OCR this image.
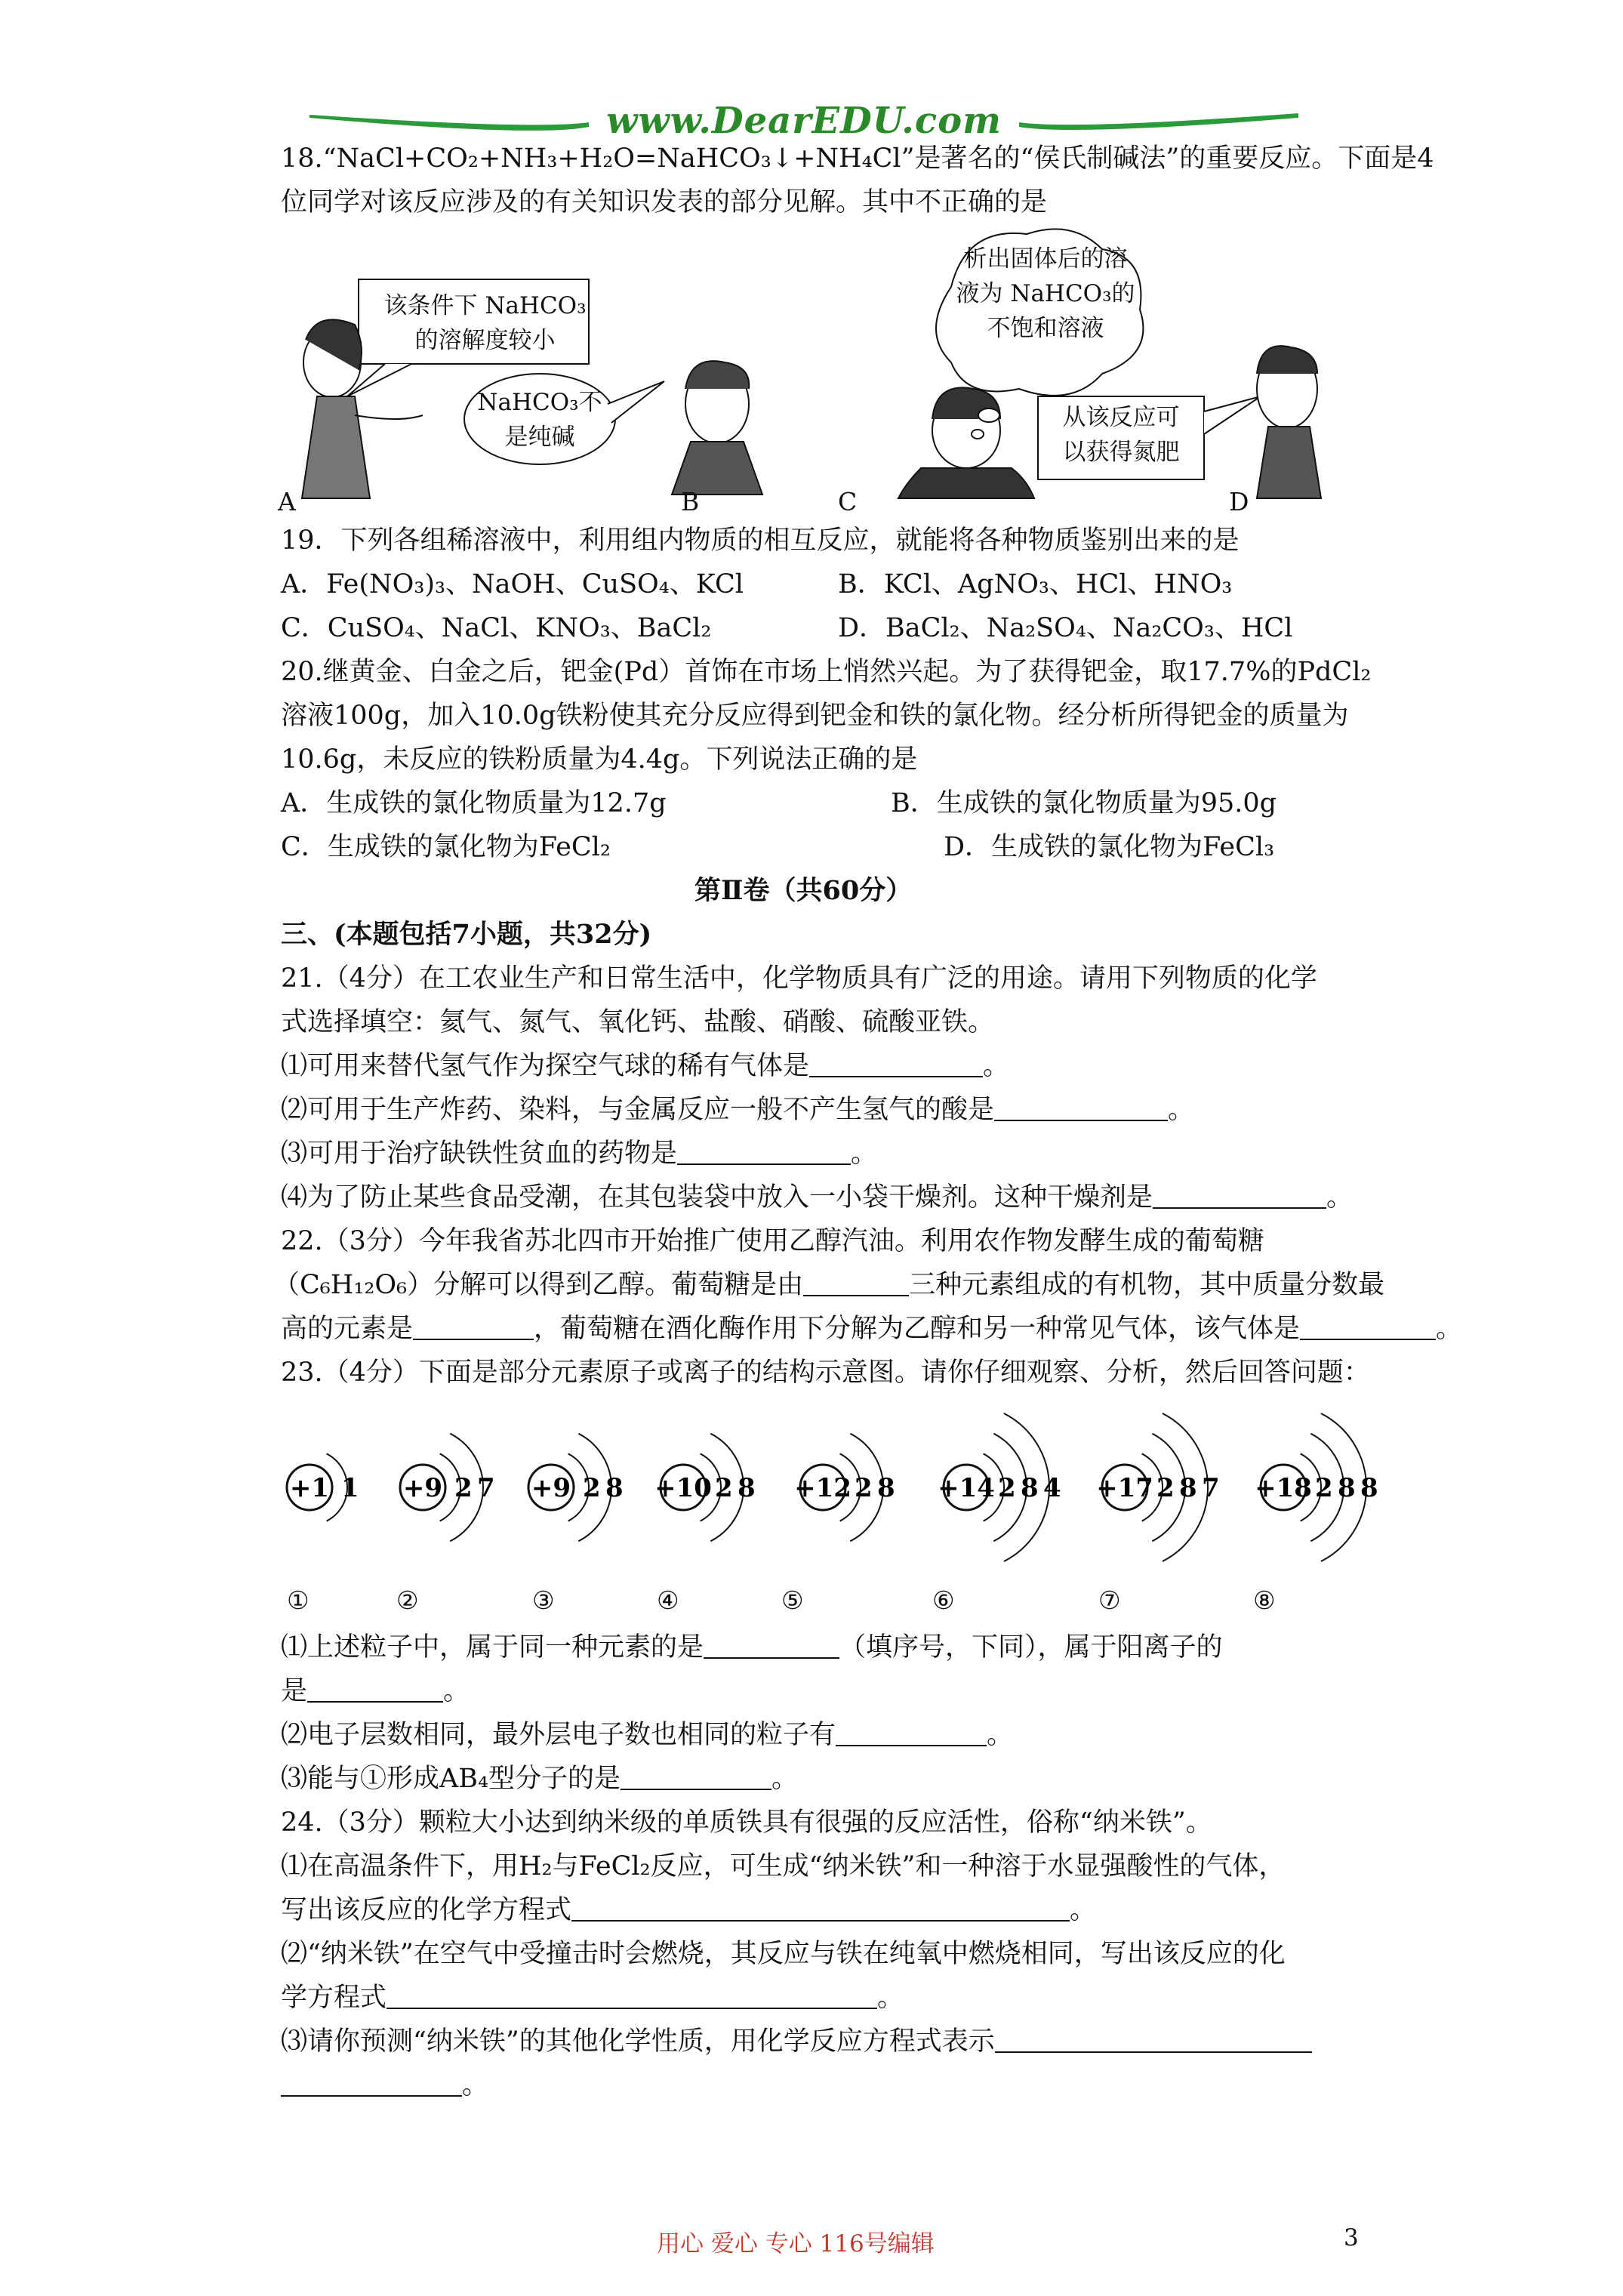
www.DearEDU.com
18.“NaCl+CO₂+NH₃+H₂O=NaHCO₃↓+NH₄Cl”是著名的“侯氏制碱法”的重要反应。下面是4
位同学对该反应涉及的有关知识发表的部分见解。其中不正确的是
该条件下 NaHCO₃
的溶解度较小
NaHCO₃不
是纯碱
析出固体后的溶
液为 NaHCO₃的
不饱和溶液
从该反应可
以获得氮肥
A	B	C	D
19．下列各组稀溶液中，利用组内物质的相互反应，就能将各种物质鉴别出来的是
A．Fe(NO₃)₃、NaOH、CuSO₄、KCl	B．KCl、AgNO₃、HCl、HNO₃
C．CuSO₄、NaCl、KNO₃、BaCl₂	D．BaCl₂、Na₂SO₄、Na₂CO₃、HCl
20.继黄金、白金之后，钯金(Pd）首饰在市场上悄然兴起。为了获得钯金，取17.7%的PdCl₂
溶液100g，加入10.0g铁粉使其充分反应得到钯金和铁的氯化物。经分析所得钯金的质量为
10.6g，未反应的铁粉质量为4.4g。下列说法正确的是
A．生成铁的氯化物质量为12.7g	B．生成铁的氯化物质量为95.0g
C．生成铁的氯化物为FeCl₂	D．生成铁的氯化物为FeCl₃
第Ⅱ卷（共60分）
三、(本题包括7小题，共32分)
21.（4分）在工农业生产和日常生活中，化学物质具有广泛的用途。请用下列物质的化学
式选择填空：氦气、氮气、氧化钙、盐酸、硝酸、硫酸亚铁。
⑴可用来替代氢气作为探空气球的稀有气体是	。
⑵可用于生产炸药、染料，与金属反应一般不产生氢气的酸是	。
⑶可用于治疗缺铁性贫血的药物是	。
⑷为了防止某些食品受潮，在其包装袋中放入一小袋干燥剂。这种干燥剂是	。
22.（3分）今年我省苏北四市开始推广使用乙醇汽油。利用农作物发酵生成的葡萄糖
（C₆H₁₂O₆）分解可以得到乙醇。葡萄糖是由	三种元素组成的有机物，其中质量分数最
高的元素是	，葡萄糖在酒化酶作用下分解为乙醇和另一种常见气体，该气体是	。
23.（4分）下面是部分元素原子或离子的结构示意图。请你仔细观察、分析，然后回答问题：
+1 1 +9 2 7 +9 2 8 +10 2 8 +12 2 8 +14 2 8 4 +17 2 8 7 +18 2 8 8
①	②	③	④	⑤	⑥	⑦	⑧
⑴上述粒子中，属于同一种元素的是	（填序号，下同），属于阳离子的
是	。
⑵电子层数相同，最外层电子数也相同的粒子有	。
⑶能与①形成AB₄型分子的是	。
24.（3分）颗粒大小达到纳米级的单质铁具有很强的反应活性，俗称“纳米铁”。
⑴在高温条件下，用H₂与FeCl₂反应，可生成“纳米铁”和一种溶于水显强酸性的气体，
写出该反应的化学方程式	。
⑵“纳米铁”在空气中受撞击时会燃烧，其反应与铁在纯氧中燃烧相同，写出该反应的化
学方程式	。
⑶请你预测“纳米铁”的其他化学性质，用化学反应方程式表示
。
用心 爱心 专心 116号编辑	3
